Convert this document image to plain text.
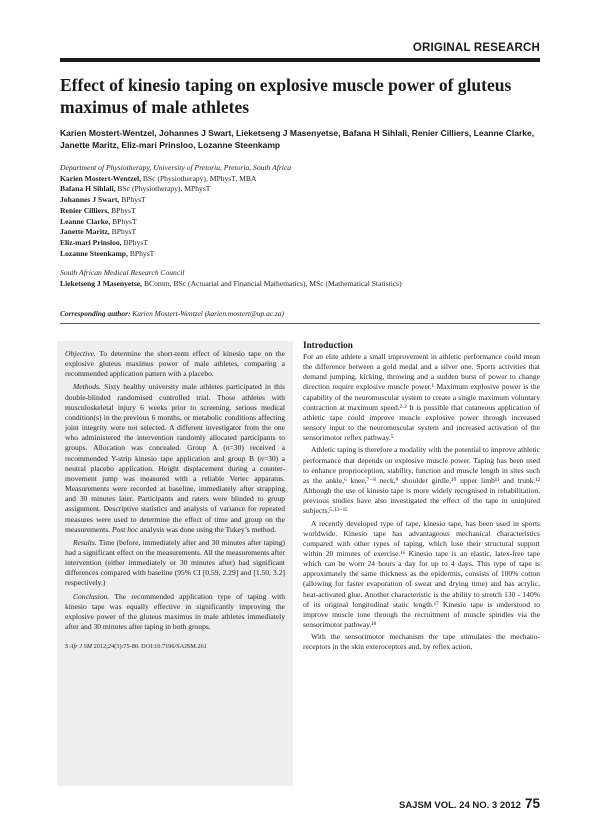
ORIGINAL RESEARCH
Effect of kinesio taping on explosive muscle power of gluteus maximus of male athletes
Karien Mostert-Wentzel, Johannes J Swart, Lieketseng J Masenyetse, Bafana H Sihlali, Renier Cilliers, Leanne Clarke, Janette Maritz, Eliz-mari Prinsloo, Lozanne Steenkamp
Department of Physiotherapy, University of Pretoria, Pretoria, South Africa
Karien Mostert-Wentzel, BSc (Physiotherapy), MPhysT, MBA
Bafana H Sihlali, BSc (Physiotherapy), MPhysT
Johannes J Swart, BPhysT
Renier Cilliers, BPhysT
Leanne Clarke, BPhysT
Janette Maritz, BPhysT
Eliz-mari Prinsloo, BPhysT
Lozanne Steenkamp, BPhysT
South African Medical Research Council
Lieketseng J Masenyetse, BComm, BSc (Actuarial and Financial Mathematics), MSc (Mathematical Statistics)
Corresponding author: Karien Mostert-Wentzel (karien.mostert@up.ac.za)

Objective. To determine the short-term effect of kinesio tape on the explosive gluteus maximus power of male athletes, comparing a recommended application pattern with a placebo.

Methods. Sixty healthy university male athletes participated in this double-blinded randomised controlled trial. Those athletes with musculoskeletal injury 6 weeks prior to screening, serious medical condition(s) in the previous 6 months, or metabolic conditions affecting joint integrity were not selected. A different investigator from the one who administered the intervention randomly allocated participants to groups. Allocation was concealed. Group A (n=30) received a recommended Y-strip kinesio tape application and group B (n=30) a neutral placebo application. Height displacement during a counter-movement jump was measured with a reliable Vertec apparatus. Measurements were recorded at baseline, immediately after strapping and 30 minutes later. Participants and raters were blinded to group assignment. Descriptive statistics and analysis of variance for repeated measures were used to determine the effect of time and group on the measurements. Post hoc analysis was done using the Tukey’s method.

Results. Time (before, immediately after and 30 minutes after taping) had a significant effect on the measurements. All the measurements after intervention (either immediately or 30 minutes after) had significant differences compared with baseline (95% CI [0.59, 2.29] and [1.50, 3.2] respectively.)

Conclusion. The recommended application type of taping with kinesio tape was equally effective in significantly improving the explosive power of the gluteus maximus in male athletes immediately after and 30 minutes after taping in both groups.

S Afr J SM 2012;24(3):75-80. DOI:10.7196/SAJSM.261

Introduction

For an elite athlete a small improvement in athletic performance could mean the difference between a gold medal and a silver one. Sports activities that demand jumping, kicking, throwing and a sudden burst of power to change direction require explosive muscle power.¹ Maximum explosive power is the capability of the neuromuscular system to create a single maximum voluntary contraction at maximum speed.²·³ It is possible that cutaneous application of athletic tape could improve muscle explosive power through increased sensory input to the neuromuscular system and increased activation of the sensorimotor reflex pathway.⁵

Athletic taping is therefore a modality with the potential to improve athletic performance that depends on explosive muscle power. Taping has been used to enhance proprioception, stability, function and muscle length in sites such as the ankle,⁶ knee,⁷⁻⁸ neck,⁹ shoulder girdle,¹⁰ upper limb¹¹ and trunk.¹² Although the use of kinesio tape is more widely recognised in rehabilitation, previous studies have also investigated the effect of the tape in uninjured subjects.⁵·¹³⁻¹⁵

A recently developed type of tape, kinesio tape, has been used in sports worldwide. Kinesio tape has advantageous mechanical characteristics compared with other types of taping, which lose their structural support within 20 minutes of exercise.¹⁶ Kinesio tape is an elastic, latex-free tape which can be worn 24 hours a day for up to 4 days. This type of tape is approximately the same thickness as the epidermis, consists of 100% cotton (allowing for faster evaporation of sweat and drying time) and has acrylic, heat-activated glue. Another characteristic is the ability to stretch 130 - 140% of its original longitudinal static length.¹⁷ Kinesio tape is understood to improve muscle tone through the recruitment of muscle spindles via the sensorimotor pathway.¹⁸

With the sensorimotor mechanism the tape stimulates the mechano-receptors in the skin exteroceptors and, by reflex action,

SAJSM VOL. 24 NO. 3 2012 75
